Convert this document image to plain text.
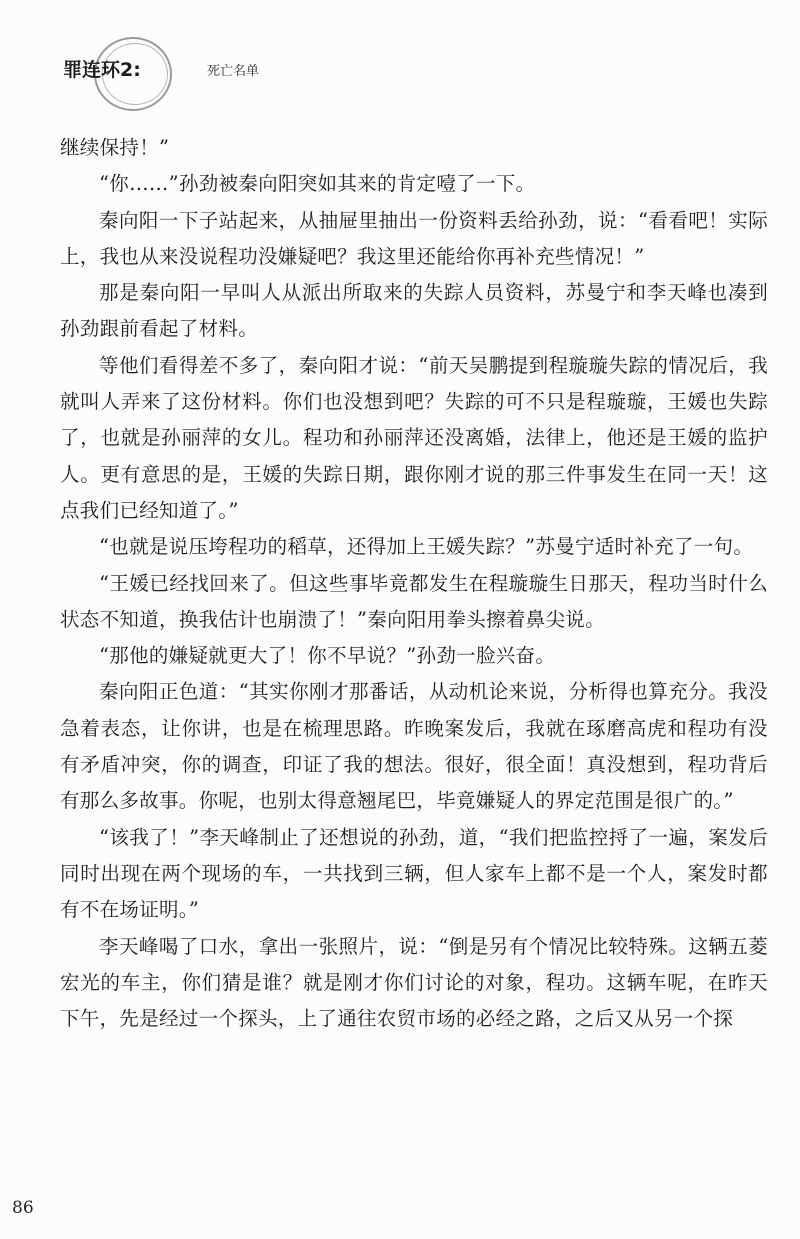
罪连环2:	死亡名单

继续保持！”

“你……”孙劲被秦向阳突如其来的肯定噎了一下。

秦向阳一下子站起来，从抽屉里抽出一份资料丢给孙劲，说：“看看吧！实际上，我也从来没说程功没嫌疑吧？我这里还能给你再补充些情况！”

那是秦向阳一早叫人从派出所取来的失踪人员资料，苏曼宁和李天峰也凑到孙劲跟前看起了材料。

等他们看得差不多了，秦向阳才说：“前天吴鹏提到程璇璇失踪的情况后，我就叫人弄来了这份材料。你们也没想到吧？失踪的可不只是程璇璇，王媛也失踪了，也就是孙丽萍的女儿。程功和孙丽萍还没离婚，法律上，他还是王媛的监护人。更有意思的是，王媛的失踪日期，跟你刚才说的那三件事发生在同一天！这点我们已经知道了。”

“也就是说压垮程功的稻草，还得加上王媛失踪？”苏曼宁适时补充了一句。

“王媛已经找回来了。但这些事毕竟都发生在程璇璇生日那天，程功当时什么状态不知道，换我估计也崩溃了！”秦向阳用拳头擦着鼻尖说。

“那他的嫌疑就更大了！你不早说？”孙劲一脸兴奋。

秦向阳正色道：“其实你刚才那番话，从动机论来说，分析得也算充分。我没急着表态，让你讲，也是在梳理思路。昨晚案发后，我就在琢磨高虎和程功有没有矛盾冲突，你的调查，印证了我的想法。很好，很全面！真没想到，程功背后有那么多故事。你呢，也别太得意翘尾巴，毕竟嫌疑人的界定范围是很广的。”

“该我了！”李天峰制止了还想说的孙劲，道，“我们把监控捋了一遍，案发后同时出现在两个现场的车，一共找到三辆，但人家车上都不是一个人，案发时都有不在场证明。”

李天峰喝了口水，拿出一张照片，说：“倒是另有个情况比较特殊。这辆五菱宏光的车主，你们猜是谁？就是刚才你们讨论的对象，程功。这辆车呢，在昨天下午，先是经过一个探头，上了通往农贸市场的必经之路，之后又从另一个探

86
